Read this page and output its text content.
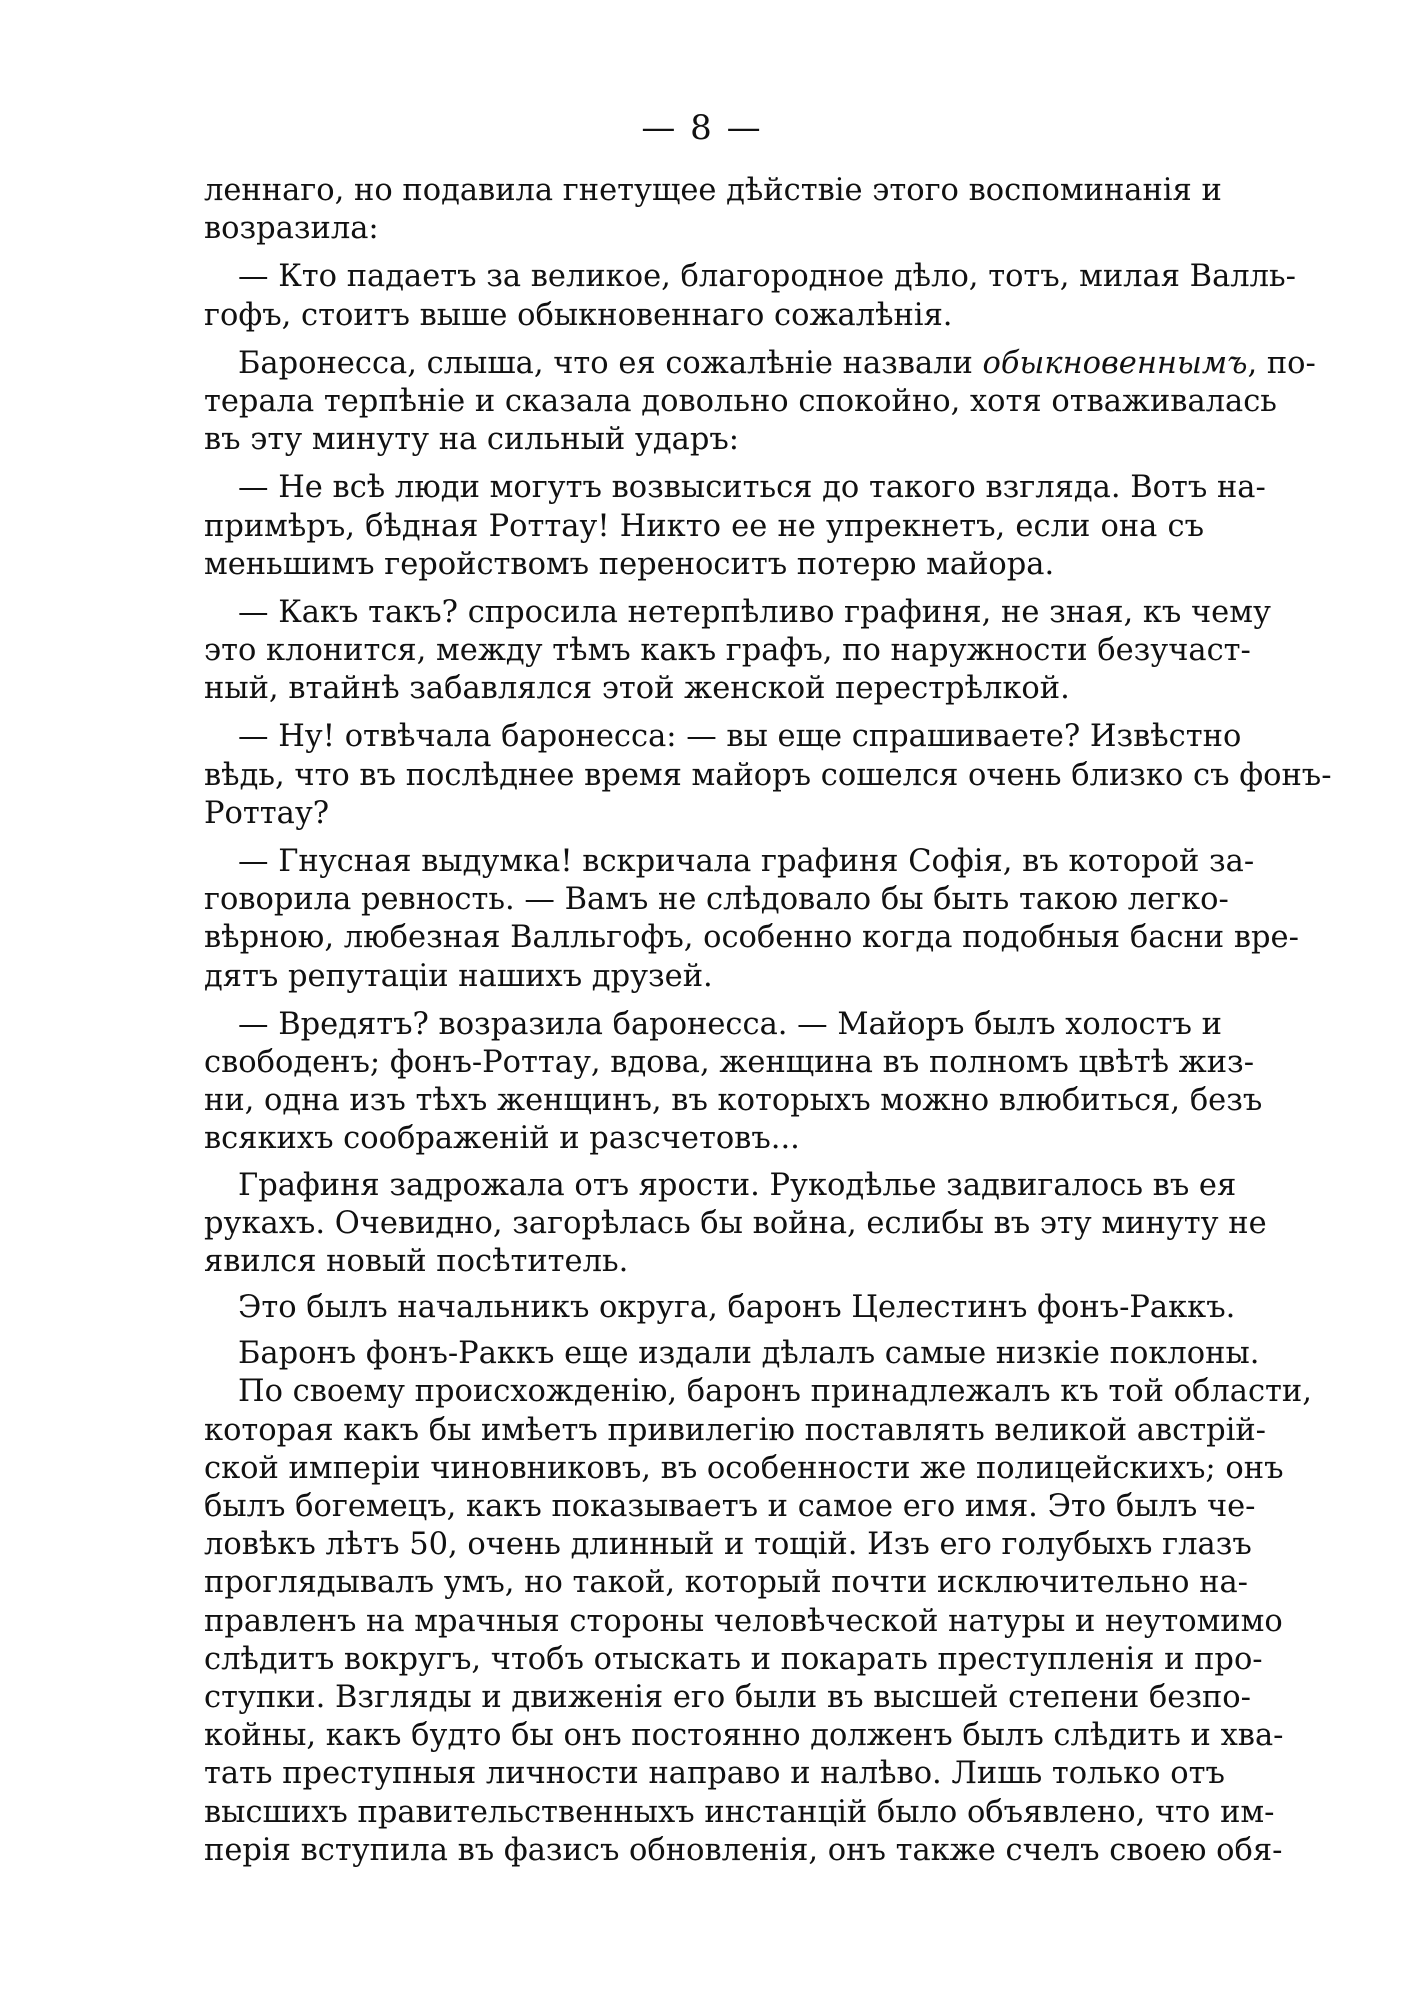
— 8 —
леннаго, но подавила гнетущее дѣйствіе этого воспоминанія и
возразила:
— Кто падаетъ за великое, благородное дѣло, тотъ, милая Валль-
гофъ, стоитъ выше обыкновеннаго сожалѣнія.
Баронесса, слыша, что ея сожалѣніе назвали обыкновеннымъ, по-
терала терпѣніе и сказала довольно спокойно, хотя отваживалась
въ эту минуту на сильный ударъ:
— Не всѣ люди могутъ возвыситься до такого взгляда. Вотъ на-
примѣръ, бѣдная Роттау! Никто ее не упрекнетъ, если она съ
меньшимъ геройствомъ переноситъ потерю майора.
— Какъ такъ? спросила нетерпѣливо графиня, не зная, къ чему
это клонится, между тѣмъ какъ графъ, по наружности безучаст-
ный, втайнѣ забавлялся этой женской перестрѣлкой.
— Ну! отвѣчала баронесса: — вы еще спрашиваете? Извѣстно
вѣдь, что въ послѣднее время майоръ сошелся очень близко съ фонъ-
Роттау?
— Гнусная выдумка! вскричала графиня Софія, въ которой за-
говорила ревность. — Вамъ не слѣдовало бы быть такою легко-
вѣрною, любезная Валльгофъ, особенно когда подобныя басни вре-
дятъ репутаціи нашихъ друзей.
— Вредятъ? возразила баронесса. — Майоръ былъ холостъ и
свободенъ; фонъ-Роттау, вдова, женщина въ полномъ цвѣтѣ жиз-
ни, одна изъ тѣхъ женщинъ, въ которыхъ можно влюбиться, безъ
всякихъ соображеній и разсчетовъ...
Графиня задрожала отъ ярости. Рукодѣлье задвигалось въ ея
рукахъ. Очевидно, загорѣлась бы война, еслибы въ эту минуту не
явился новый посѣтитель.
Это былъ начальникъ округа, баронъ Целестинъ фонъ-Раккъ.
Баронъ фонъ-Раккъ еще издали дѣлалъ самые низкіе поклоны.
По своему происхожденію, баронъ принадлежалъ къ той области,
которая какъ бы имѣетъ привилегію поставлять великой австрій-
ской имперіи чиновниковъ, въ особенности же полицейскихъ; онъ
былъ богемецъ, какъ показываетъ и самое его имя. Это былъ че-
ловѣкъ лѣтъ 50, очень длинный и тощій. Изъ его голубыхъ глазъ
проглядывалъ умъ, но такой, который почти исключительно на-
правленъ на мрачныя стороны человѣческой натуры и неутомимо
слѣдитъ вокругъ, чтобъ отыскать и покарать преступленія и про-
ступки. Взгляды и движенія его были въ высшей степени безпо-
койны, какъ будто бы онъ постоянно долженъ былъ слѣдить и хва-
тать преступныя личности направо и налѣво. Лишь только отъ
высшихъ правительственныхъ инстанцій было объявлено, что им-
перія вступила въ фазисъ обновленія, онъ также счелъ своею обя-
